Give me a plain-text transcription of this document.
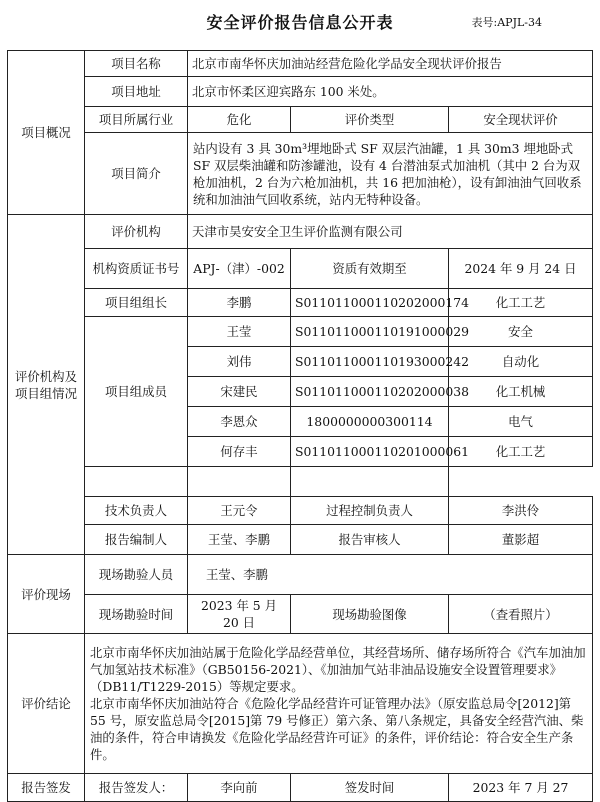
安全评价报告信息公开表	表号:APJL-34
项目概况	项目名称	北京市南华怀庆加油站经营危险化学品安全现状评价报告		
	项目地址	北京市怀柔区迎宾路东 100 米处。		
	项目所属行业	危化	评价类型	安全现状评价
	项目简介	站内设有 3 具 30m³埋地卧式 SF 双层汽油罐，1 具 30m3 埋地卧式 SF 双层柴油罐和防渗罐池，设有 4 台潜油泵式加油机（其中 2 台为双枪加油机，2 台为六枪加油机，共 16 把加油枪），设有卸油油气回收系统和加油油气回收系统，站内无特种设备。		
评价机构及项目组情况	评价机构	天津市昊安安全卫生评价监测有限公司		
	机构资质证书号	APJ-（津）-002	资质有效期至	2024 年 9 月 24 日
	项目组组长	李鹏	S011011000110202000174	化工工艺
	项目组成员	王莹	S011011000110191000029	安全
		刘伟	S011011000110193000242	自动化
		宋建民	S011011000110202000038	化工机械
		李恩众	1800000000300114	电气
		何存丰	S011011000110201000061	化工工艺

	技术负责人	王元令	过程控制负责人	李洪伶
	报告编制人	王莹、李鹏	报告审核人	董影超
评价现场	现场勘验人员	王莹、李鹏		
	现场勘验时间	2023 年 5 月 20 日	现场勘验图像	（查看照片）
评价结论	北京市南华怀庆加油站属于危险化学品经营单位，其经营场所、储存场所符合《汽车加油加气加氢站技术标准》（GB50156-2021）、《加油加气站非油品设施安全设置管理要求》（DB11/T1229-2015）等规定要求。

北京市南华怀庆加油站符合《危险化学品经营许可证管理办法》（原安监总局令[2012]第 55 号，原安监总局令[2015]第 79 号修正）第六条、第八条规定，具备安全经营汽油、柴油的条件，符合申请换发《危险化学品经营许可证》的条件，评价结论：符合安全生产条件。			

报告签发	报告签发人：	李向前	签发时间	2023 年 7 月 27
